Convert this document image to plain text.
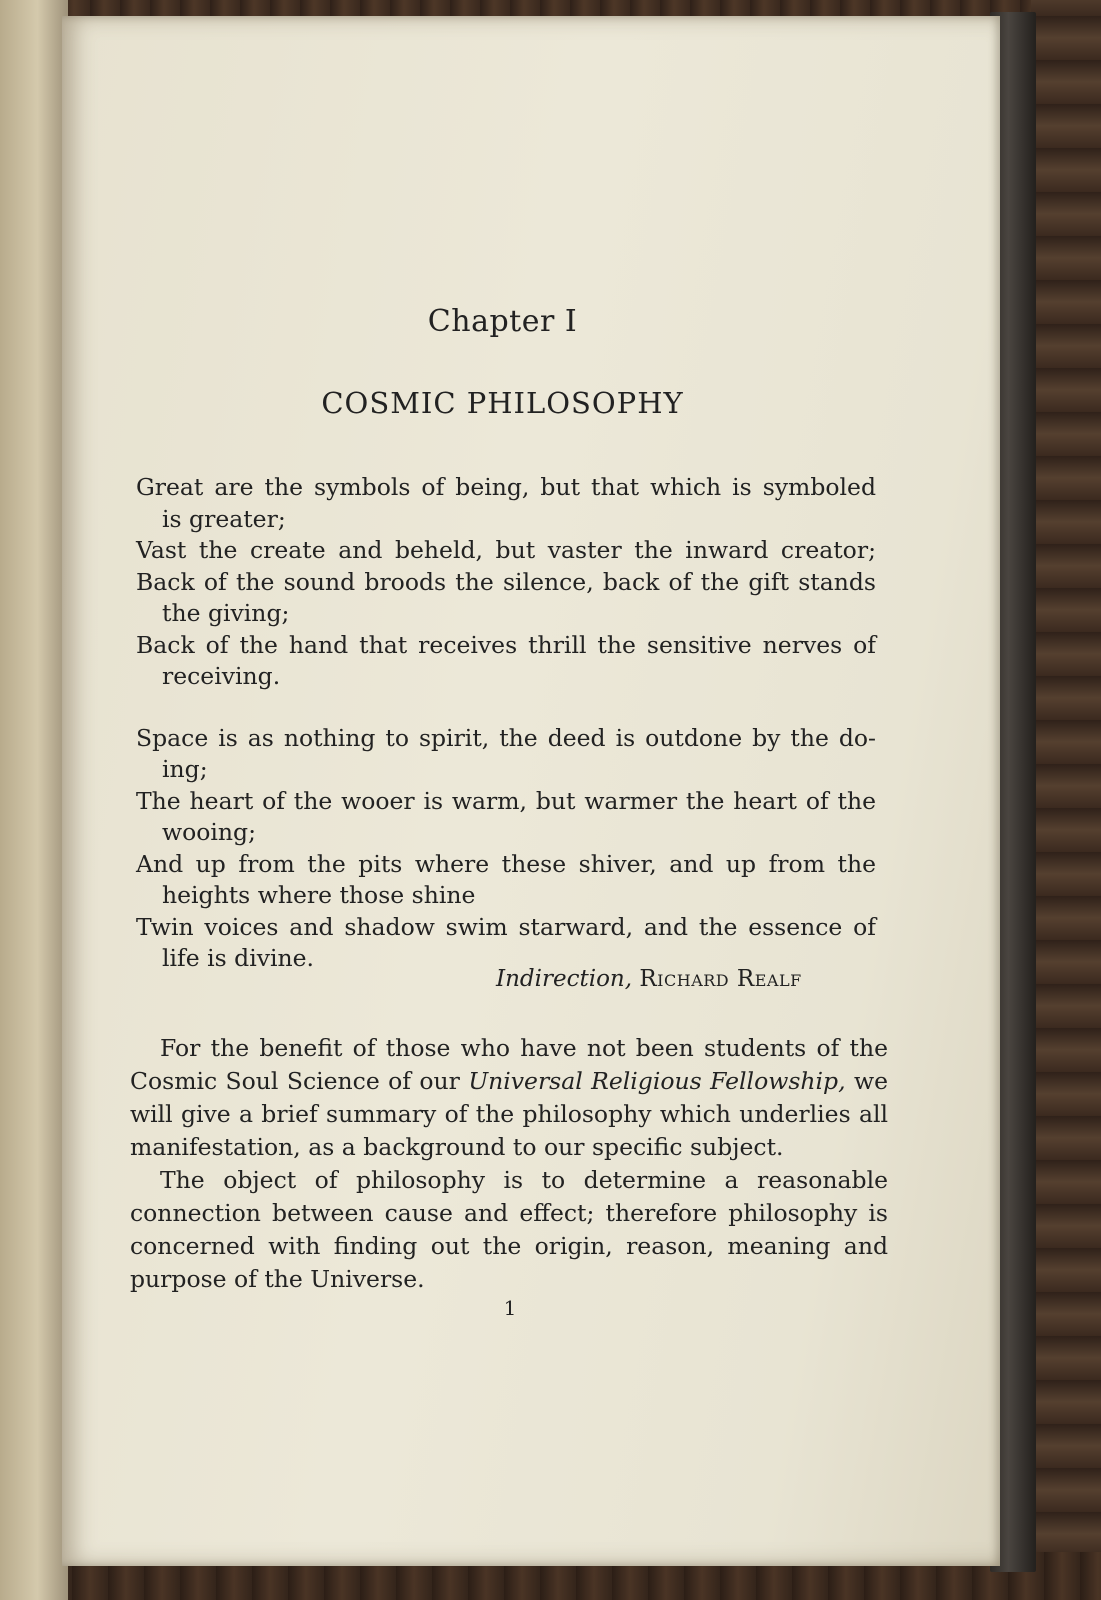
Chapter I
COSMIC PHILOSOPHY
Great are the symbols of being, but that which is symboled
is greater;
Vast the create and beheld, but vaster the inward creator;
Back of the sound broods the silence, back of the gift stands
the giving;
Back of the hand that receives thrill the sensitive nerves of
receiving.
Space is as nothing to spirit, the deed is outdone by the do-
ing;
The heart of the wooer is warm, but warmer the heart of the
wooing;
And up from the pits where these shiver, and up from the
heights where those shine
Twin voices and shadow swim starward, and the essence of
life is divine.
Indirection, Richard Realf

For the benefit of those who have not been students of the Cosmic Soul Science of our Universal Religious Fellowship, we will give a brief summary of the philosophy which underlies all manifestation, as a background to our specific subject.

The object of philosophy is to determine a reasonable connection between cause and effect; therefore philosophy is concerned with finding out the origin, reason, meaning and purpose of the Universe.

1
